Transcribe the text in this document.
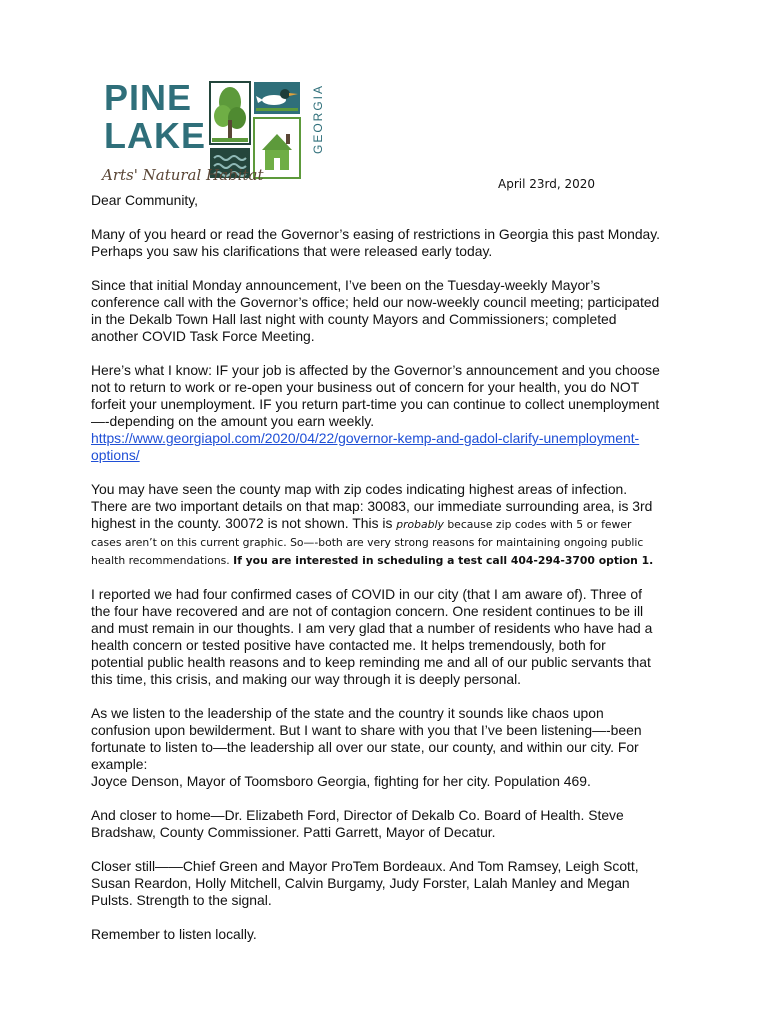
PINE
LAKE	GEORGIA
Arts' Natural Habitat	April 23rd, 2020

Dear Community,

Many of you heard or read the Governor’s easing of restrictions in Georgia this past Monday. Perhaps you saw his clarifications that were released early today.

Since that initial Monday announcement, I’ve been on the Tuesday-weekly Mayor’s conference call with the Governor’s office; held our now-weekly council meeting; participated in the Dekalb Town Hall last night with county Mayors and Commissioners; completed another COVID Task Force Meeting.

Here’s what I know: IF your job is affected by the Governor’s announcement and you choose not to return to work or re-open your business out of concern for your health, you do NOT forfeit your unemployment. IF you return part-time you can continue to collect unemployment—-depending on the amount you earn weekly.
https://www.georgiapol.com/2020/04/22/governor-kemp-and-gadol-clarify-unemployment-options/

You may have seen the county map with zip codes indicating highest areas of infection. There are two important details on that map: 30083, our immediate surrounding area, is 3rd highest in the county. 30072 is not shown. This is probably because zip codes with 5 or fewer cases aren’t on this current graphic. So—-both are very strong reasons for maintaining ongoing public health recommendations. If you are interested in scheduling a test call 404-294-3700 option 1.

I reported we had four confirmed cases of COVID in our city (that I am aware of). Three of the four have recovered and are not of contagion concern. One resident continues to be ill and must remain in our thoughts. I am very glad that a number of residents who have had a health concern or tested positive have contacted me. It helps tremendously, both for potential public health reasons and to keep reminding me and all of our public servants that this time, this crisis, and making our way through it is deeply personal.

As we listen to the leadership of the state and the country it sounds like chaos upon confusion upon bewilderment. But I want to share with you that I’ve been listening—-been fortunate to listen to—the leadership all over our state, our county, and within our city. For example:
Joyce Denson, Mayor of Toomsboro Georgia, fighting for her city. Population 469.

And closer to home—Dr. Elizabeth Ford, Director of Dekalb Co. Board of Health. Steve Bradshaw, County Commissioner. Patti Garrett, Mayor of Decatur.

Closer still——Chief Green and Mayor ProTem Bordeaux. And Tom Ramsey, Leigh Scott, Susan Reardon, Holly Mitchell, Calvin Burgamy, Judy Forster, Lalah Manley and Megan Pulsts. Strength to the signal.

Remember to listen locally.
